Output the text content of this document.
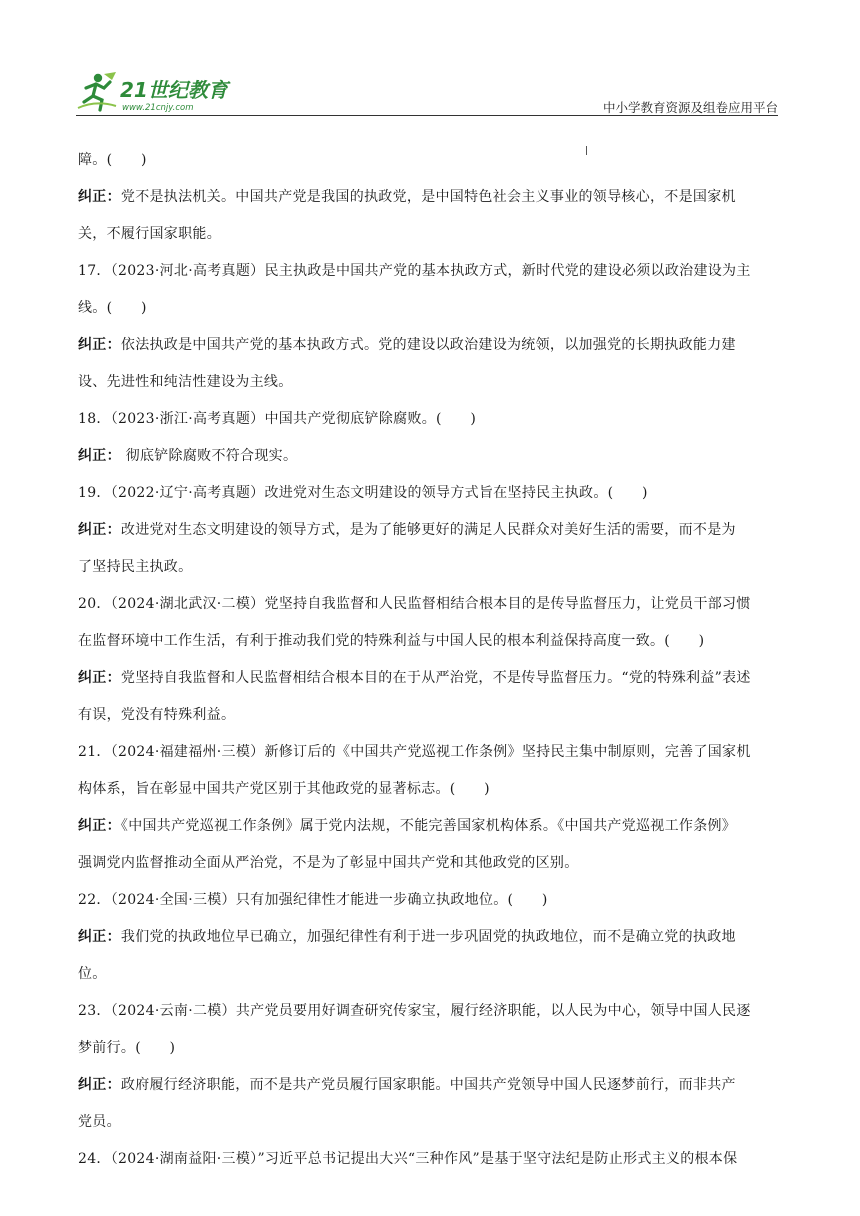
21世纪教育
www.21cnjy.com	中小学教育资源及组卷应用平台
障。(　　)
纠正：党不是执法机关。中国共产党是我国的执政党，是中国特色社会主义事业的领导核心，不是国家机
关，不履行国家职能。
17．（2023·河北·高考真题）民主执政是中国共产党的基本执政方式，新时代党的建设必须以政治建设为主
线。(　　)
纠正：依法执政是中国共产党的基本执政方式。党的建设以政治建设为统领，以加强党的长期执政能力建
设、先进性和纯洁性建设为主线。
18．（2023·浙江·高考真题）中国共产党彻底铲除腐败。(　　)
纠正： 彻底铲除腐败不符合现实。
19．（2022·辽宁·高考真题）改进党对生态文明建设的领导方式旨在坚持民主执政。(　　)
纠正：改进党对生态文明建设的领导方式，是为了能够更好的满足人民群众对美好生活的需要，而不是为
了坚持民主执政。
20．（2024·湖北武汉·二模）党坚持自我监督和人民监督相结合根本目的是传导监督压力，让党员干部习惯
在监督环境中工作生活，有利于推动我们党的特殊利益与中国人民的根本利益保持高度一致。(　　)
纠正：党坚持自我监督和人民监督相结合根本目的在于从严治党，不是传导监督压力。“党的特殊利益”表述
有误，党没有特殊利益。
21．（2024·福建福州·三模）新修订后的《中国共产党巡视工作条例》坚持民主集中制原则，完善了国家机
构体系，旨在彰显中国共产党区别于其他政党的显著标志。(　　)
纠正：《中国共产党巡视工作条例》属于党内法规，不能完善国家机构体系。《中国共产党巡视工作条例》
强调党内监督推动全面从严治党，不是为了彰显中国共产党和其他政党的区别。
22．（2024·全国·三模）只有加强纪律性才能进一步确立执政地位。(　　)
纠正：我们党的执政地位早已确立，加强纪律性有利于进一步巩固党的执政地位，而不是确立党的执政地
位。
23．（2024·云南·二模）共产党员要用好调查研究传家宝，履行经济职能，以人民为中心，领导中国人民逐
梦前行。(　　)
纠正：政府履行经济职能，而不是共产党员履行国家职能。中国共产党领导中国人民逐梦前行，而非共产
党员。
24．（2024·湖南益阳·三模）”习近平总书记提出大兴“三种作风”是基于坚守法纪是防止形式主义的根本保
